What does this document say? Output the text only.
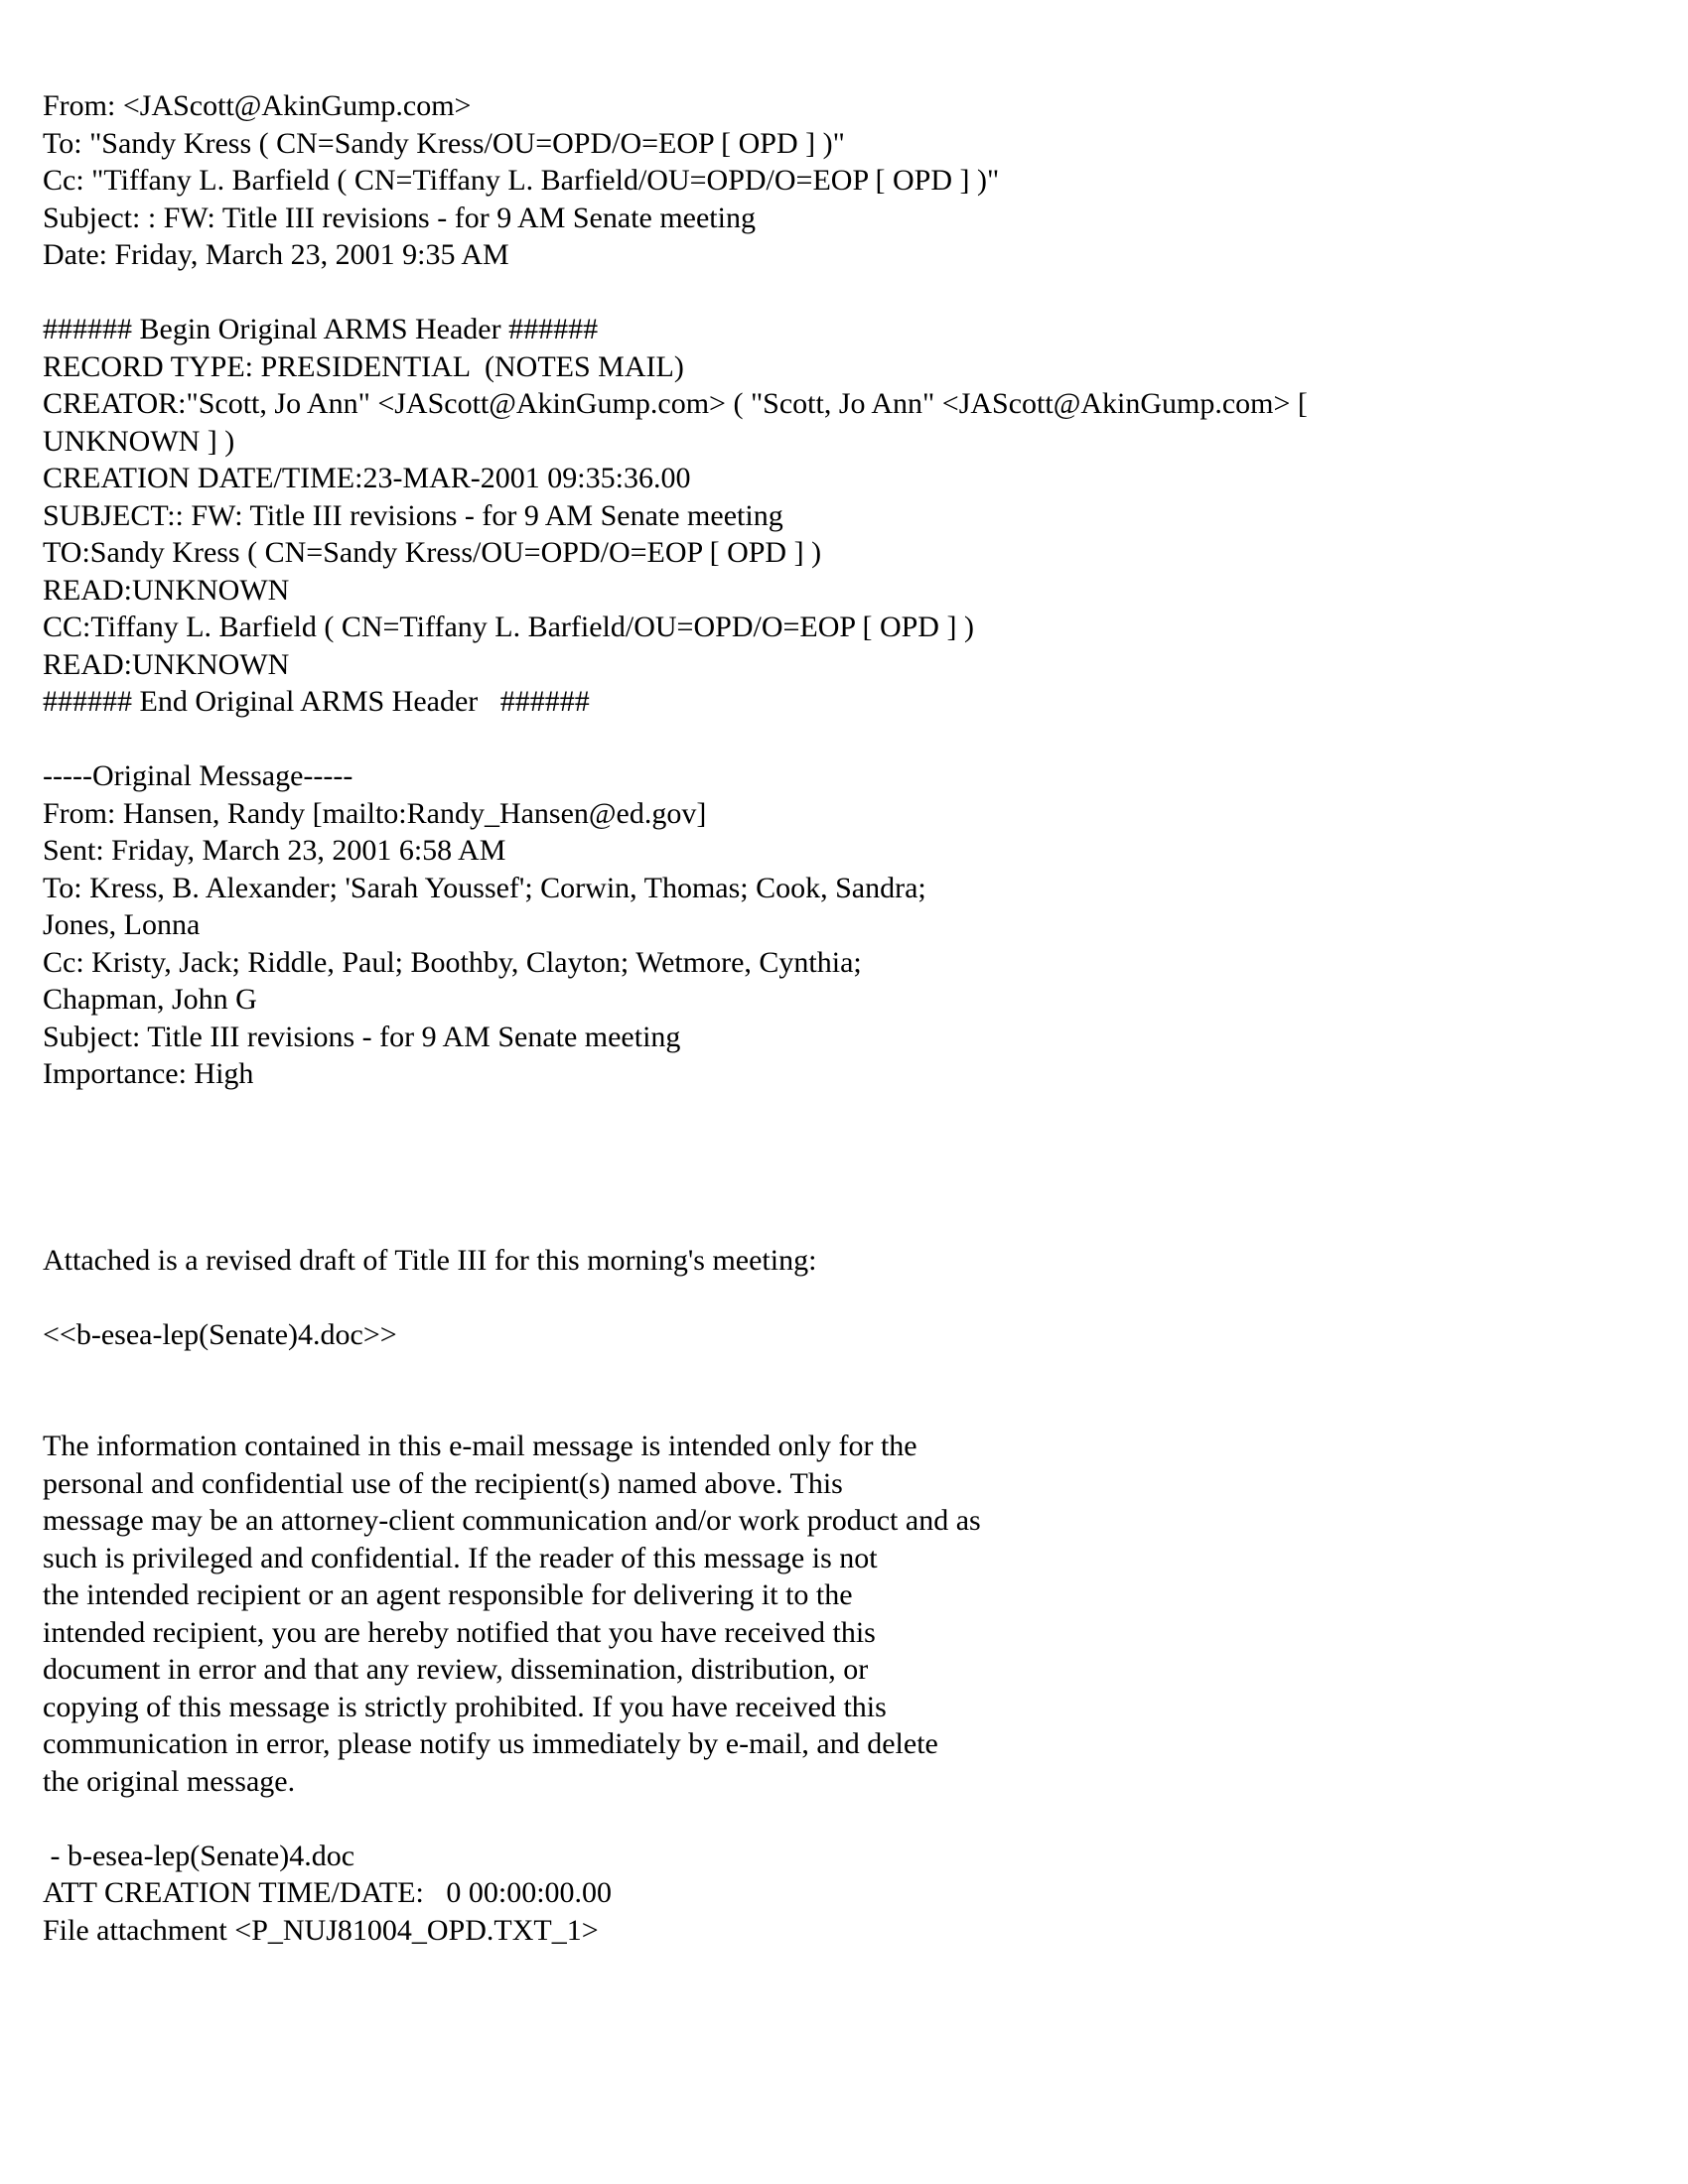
From: <JAScott@AkinGump.com>
To: "Sandy Kress ( CN=Sandy Kress/OU=OPD/O=EOP [ OPD ] )"
Cc: "Tiffany L. Barfield ( CN=Tiffany L. Barfield/OU=OPD/O=EOP [ OPD ] )"
Subject: : FW: Title III revisions - for 9 AM Senate meeting
Date: Friday, March 23, 2001 9:35 AM
###### Begin Original ARMS Header ######
RECORD TYPE: PRESIDENTIAL  (NOTES MAIL)
CREATOR:"Scott, Jo Ann" <JAScott@AkinGump.com> ( "Scott, Jo Ann" <JAScott@AkinGump.com> [
UNKNOWN ] )
CREATION DATE/TIME:23-MAR-2001 09:35:36.00
SUBJECT:: FW: Title III revisions - for 9 AM Senate meeting
TO:Sandy Kress ( CN=Sandy Kress/OU=OPD/O=EOP [ OPD ] )
READ:UNKNOWN
CC:Tiffany L. Barfield ( CN=Tiffany L. Barfield/OU=OPD/O=EOP [ OPD ] )
READ:UNKNOWN
###### End Original ARMS Header   ######
-----Original Message-----
From: Hansen, Randy [mailto:Randy_Hansen@ed.gov]
Sent: Friday, March 23, 2001 6:58 AM
To: Kress, B. Alexander; 'Sarah Youssef'; Corwin, Thomas; Cook, Sandra;
Jones, Lonna
Cc: Kristy, Jack; Riddle, Paul; Boothby, Clayton; Wetmore, Cynthia;
Chapman, John G
Subject: Title III revisions - for 9 AM Senate meeting
Importance: High
Attached is a revised draft of Title III for this morning's meeting:
<<b-esea-lep(Senate)4.doc>>
The information contained in this e-mail message is intended only for the
personal and confidential use of the recipient(s) named above. This
message may be an attorney-client communication and/or work product and as
such is privileged and confidential. If the reader of this message is not
the intended recipient or an agent responsible for delivering it to the
intended recipient, you are hereby notified that you have received this
document in error and that any review, dissemination, distribution, or
copying of this message is strictly prohibited. If you have received this
communication in error, please notify us immediately by e-mail, and delete
the original message.
- b-esea-lep(Senate)4.doc
ATT CREATION TIME/DATE:   0 00:00:00.00
File attachment <P_NUJ81004_OPD.TXT_1>
